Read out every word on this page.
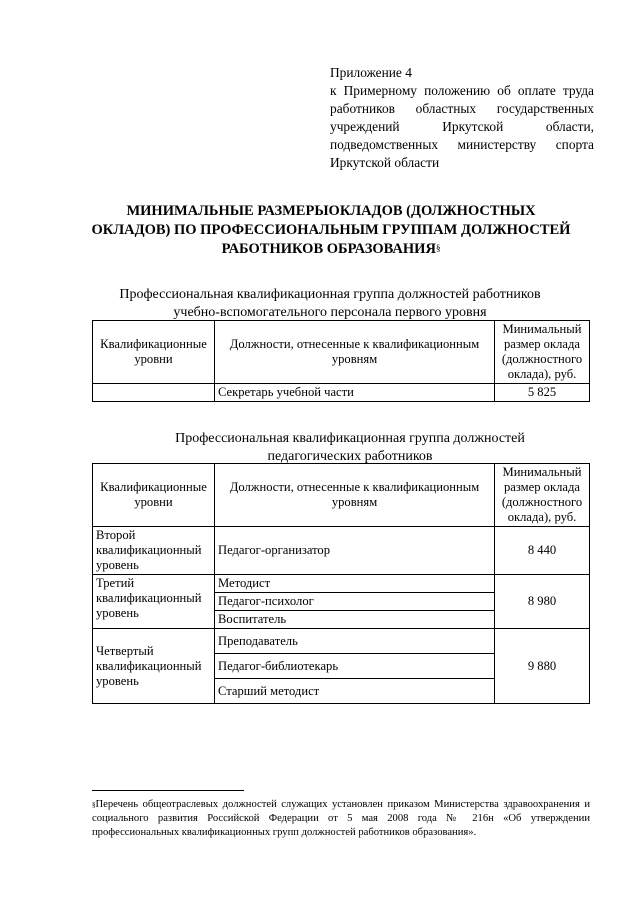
Приложение 4
к Примерному положению об оплате труда работников областных государственных учреждений Иркутской области, подведомственных министерству спорта Иркутской области
МИНИМАЛЬНЫЕ РАЗМЕРЫОКЛАДОВ (ДОЛЖНОСТНЫХ ОКЛАДОВ) ПО ПРОФЕССИОНАЛЬНЫМ ГРУППАМ ДОЛЖНОСТЕЙ РАБОТНИКОВ ОБРАЗОВАНИЯ§
Профессиональная квалификационная группа должностей работников учебно-вспомогательного персонала первого уровня
Квалификационные уровни	Должности, отнесенные к квалификационным уровням	Минимальный размер оклада (должностного оклада), руб.
	Секретарь учебной части	5 825
Профессиональная квалификационная группа должностей педагогических работников
Квалификационные уровни	Должности, отнесенные к квалификационным уровням	Минимальный размер оклада (должностного оклада), руб.
Второй квалификационный уровень	Педагог-организатор	8 440
Третий квалификационный уровень	Методист	8 980
	Педагог-психолог	
	Воспитатель	
Четвертый квалификационный уровень	Преподаватель	9 880
	Педагог-библиотекарь	
	Старший методист	
§Перечень общеотраслевых должностей служащих установлен приказом Министерства здравоохранения и социального развития Российской Федерации от 5 мая 2008 года № 216н «Об утверждении профессиональных квалификационных групп должностей работников образования».
